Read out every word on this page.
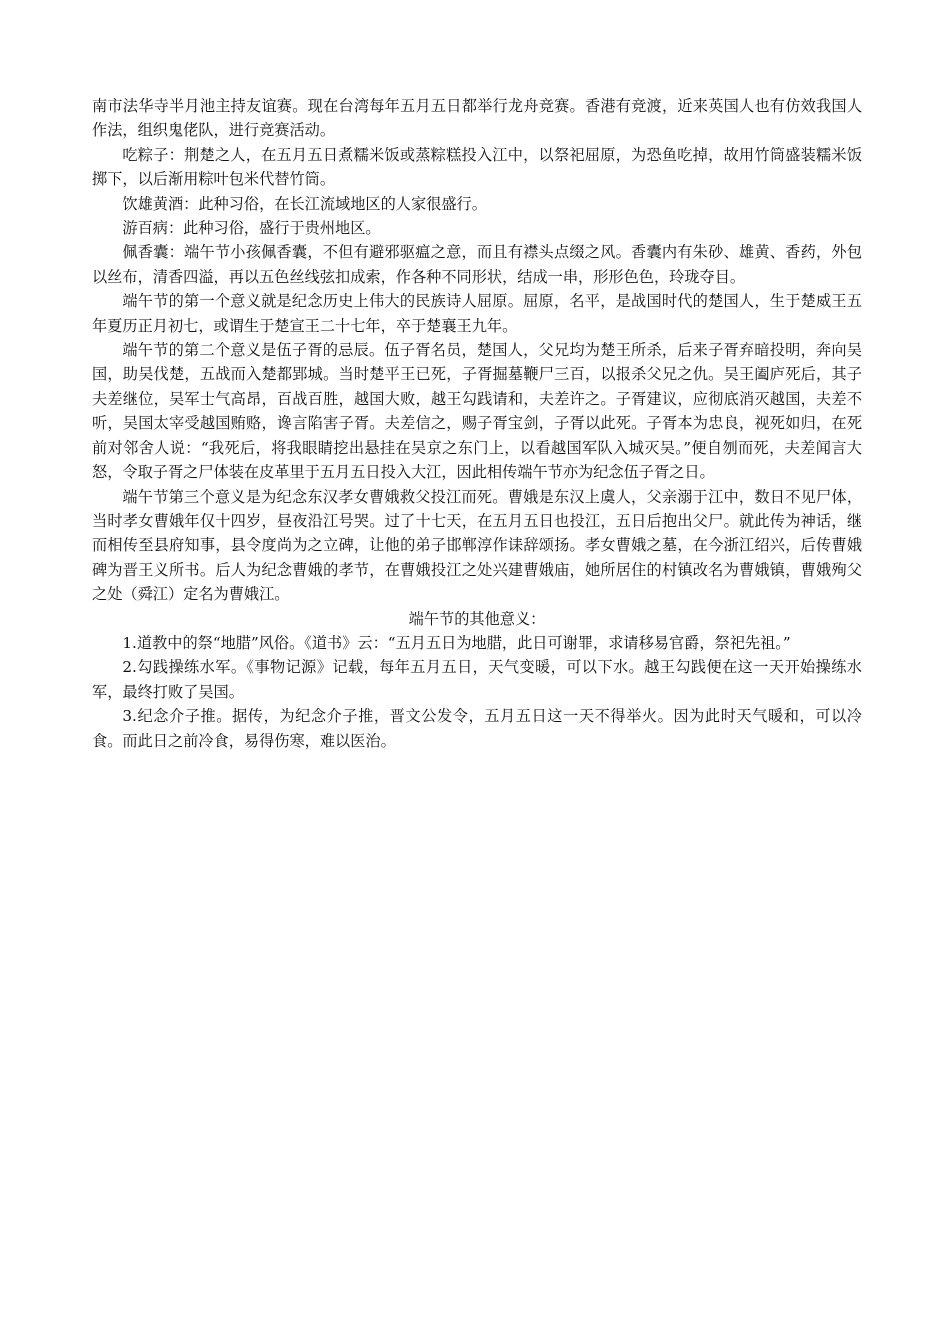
南市法华寺半月池主持友谊赛。现在台湾每年五月五日都举行龙舟竞赛。香港有竞渡，近来英国人也有仿效我国人作法，组织鬼佬队，进行竞赛活动。

吃粽子：荆楚之人，在五月五日煮糯米饭或蒸粽糕投入江中，以祭祀屈原，为恐鱼吃掉，故用竹筒盛装糯米饭掷下，以后渐用粽叶包米代替竹筒。

饮雄黄酒：此种习俗，在长江流域地区的人家很盛行。

游百病：此种习俗，盛行于贵州地区。

佩香囊：端午节小孩佩香囊，不但有避邪驱瘟之意，而且有襟头点缀之风。香囊内有朱砂、雄黄、香药，外包以丝布，清香四溢，再以五色丝线弦扣成索，作各种不同形状，结成一串，形形色色，玲珑夺目。

端午节的第一个意义就是纪念历史上伟大的民族诗人屈原。屈原，名平，是战国时代的楚国人，生于楚威王五年夏历正月初七，或谓生于楚宣王二十七年，卒于楚襄王九年。

端午节的第二个意义是伍子胥的忌辰。伍子胥名员，楚国人，父兄均为楚王所杀，后来子胥弃暗投明，奔向吴国，助吴伐楚，五战而入楚都郢城。当时楚平王已死，子胥掘墓鞭尸三百，以报杀父兄之仇。吴王阖庐死后，其子夫差继位，吴军士气高昂，百战百胜，越国大败，越王勾践请和，夫差许之。子胥建议，应彻底消灭越国，夫差不听，吴国太宰受越国贿赂，谗言陷害子胥。夫差信之，赐子胥宝剑，子胥以此死。子胥本为忠良，视死如归，在死前对邻舍人说：“我死后，将我眼睛挖出悬挂在吴京之东门上，以看越国军队入城灭吴。”便自刎而死，夫差闻言大怒，令取子胥之尸体装在皮革里于五月五日投入大江，因此相传端午节亦为纪念伍子胥之日。

端午节第三个意义是为纪念东汉孝女曹娥救父投江而死。曹娥是东汉上虞人，父亲溺于江中，数日不见尸体，当时孝女曹娥年仅十四岁，昼夜沿江号哭。过了十七天，在五月五日也投江，五日后抱出父尸。就此传为神话，继而相传至县府知事，县令度尚为之立碑，让他的弟子邯郸淳作诔辞颂扬。孝女曹娥之墓，在今浙江绍兴，后传曹娥碑为晋王义所书。后人为纪念曹娥的孝节，在曹娥投江之处兴建曹娥庙，她所居住的村镇改名为曹娥镇，曹娥殉父之处（舜江）定名为曹娥江。

端午节的其他意义：

1.道教中的祭“地腊”风俗。《道书》云：“五月五日为地腊，此日可谢罪，求请移易官爵，祭祀先祖。”

2.勾践操练水军。《事物记源》记载，每年五月五日，天气变暖，可以下水。越王勾践便在这一天开始操练水军，最终打败了吴国。

3.纪念介子推。据传，为纪念介子推，晋文公发令，五月五日这一天不得举火。因为此时天气暖和，可以冷食。而此日之前冷食，易得伤寒，难以医治。
